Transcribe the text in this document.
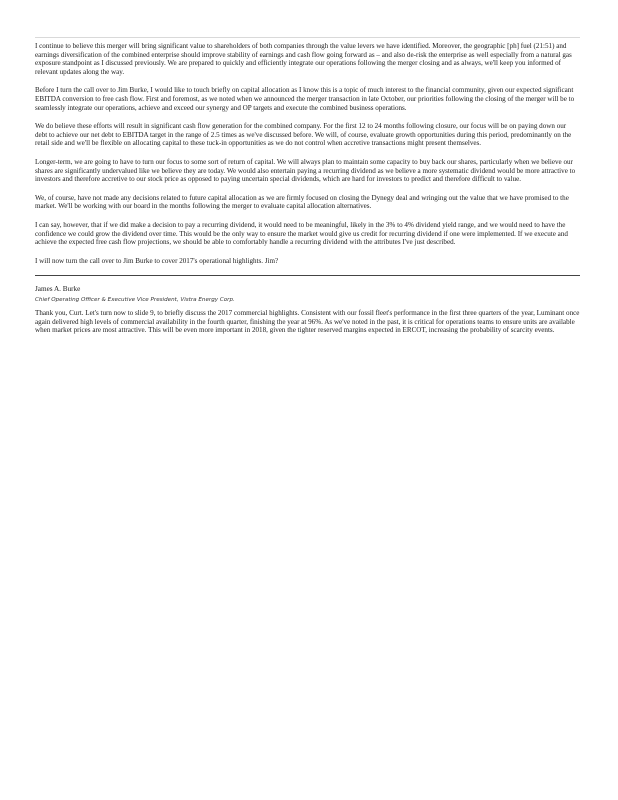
I continue to believe this merger will bring significant value to shareholders of both companies through the value levers we have identified. Moreover, the geographic [ph] fuel (21:51) and earnings diversification of the combined enterprise should improve stability of earnings and cash flow going forward as – and also de-risk the enterprise as well especially from a natural gas exposure standpoint as I discussed previously. We are prepared to quickly and efficiently integrate our operations following the merger closing and as always, we'll keep you informed of relevant updates along the way.

Before I turn the call over to Jim Burke, I would like to touch briefly on capital allocation as I know this is a topic of much interest to the financial community, given our expected significant EBITDA conversion to free cash flow. First and foremost, as we noted when we announced the merger transaction in late October, our priorities following the closing of the merger will be to seamlessly integrate our operations, achieve and exceed our synergy and OP targets and execute the combined business operations.

We do believe these efforts will result in significant cash flow generation for the combined company. For the first 12 to 24 months following closure, our focus will be on paying down our debt to achieve our net debt to EBITDA target in the range of 2.5 times as we've discussed before. We will, of course, evaluate growth opportunities during this period, predominantly on the retail side and we'll be flexible on allocating capital to these tuck-in opportunities as we do not control when accretive transactions might present themselves.

Longer-term, we are going to have to turn our focus to some sort of return of capital. We will always plan to maintain some capacity to buy back our shares, particularly when we believe our shares are significantly undervalued like we believe they are today. We would also entertain paying a recurring dividend as we believe a more systematic dividend would be more attractive to investors and therefore accretive to our stock price as opposed to paying uncertain special dividends, which are hard for investors to predict and therefore difficult to value.

We, of course, have not made any decisions related to future capital allocation as we are firmly focused on closing the Dynegy deal and wringing out the value that we have promised to the market. We'll be working with our board in the months following the merger to evaluate capital allocation alternatives.

I can say, however, that if we did make a decision to pay a recurring dividend, it would need to be meaningful, likely in the 3% to 4% dividend yield range, and we would need to have the confidence we could grow the dividend over time. This would be the only way to ensure the market would give us credit for recurring dividend if one were implemented. If we execute and achieve the expected free cash flow projections, we should be able to comfortably handle a recurring dividend with the attributes I've just described.

I will now turn the call over to Jim Burke to cover 2017's operational highlights. Jim?

James A. Burke
Chief Operating Officer & Executive Vice President, Vistra Energy Corp.

Thank you, Curt. Let's turn now to slide 9, to briefly discuss the 2017 commercial highlights. Consistent with our fossil fleet's performance in the first three quarters of the year, Luminant once again delivered high levels of commercial availability in the fourth quarter, finishing the year at 96%. As we've noted in the past, it is critical for operations teams to ensure units are available when market prices are most attractive. This will be even more important in 2018, given the tighter reserved margins expected in ERCOT, increasing the probability of scarcity events.
